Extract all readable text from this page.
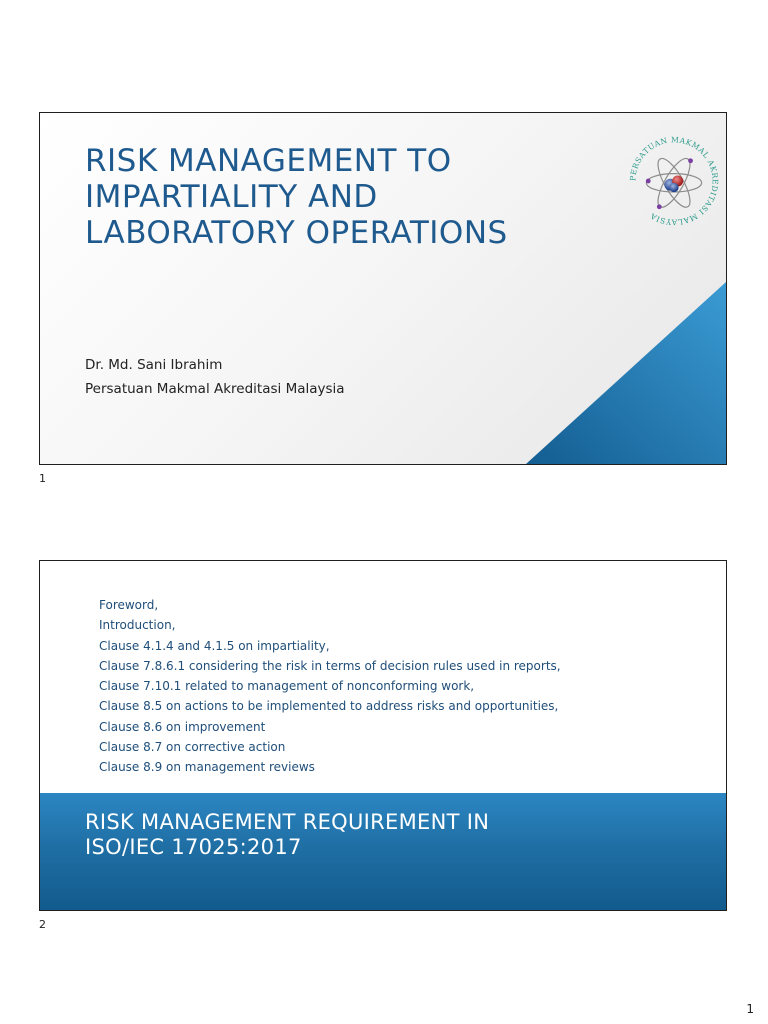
RISK MANAGEMENT TO
IMPARTIALITY AND
LABORATORY OPERATIONS
PERSATUAN MAKMAL AKREDITASI MALAYSIA
Dr. Md. Sani Ibrahim
Persatuan Makmal Akreditasi Malaysia
1
Foreword,
Introduction,
Clause 4.1.4 and 4.1.5 on impartiality,
Clause 7.8.6.1 considering the risk in terms of decision rules used in reports,
Clause 7.10.1 related to management of nonconforming work,
Clause 8.5 on actions to be implemented to address risks and opportunities,
Clause 8.6 on improvement
Clause 8.7 on corrective action
Clause 8.9 on management reviews
RISK MANAGEMENT REQUIREMENT IN
ISO/IEC 17025:2017
2
1
